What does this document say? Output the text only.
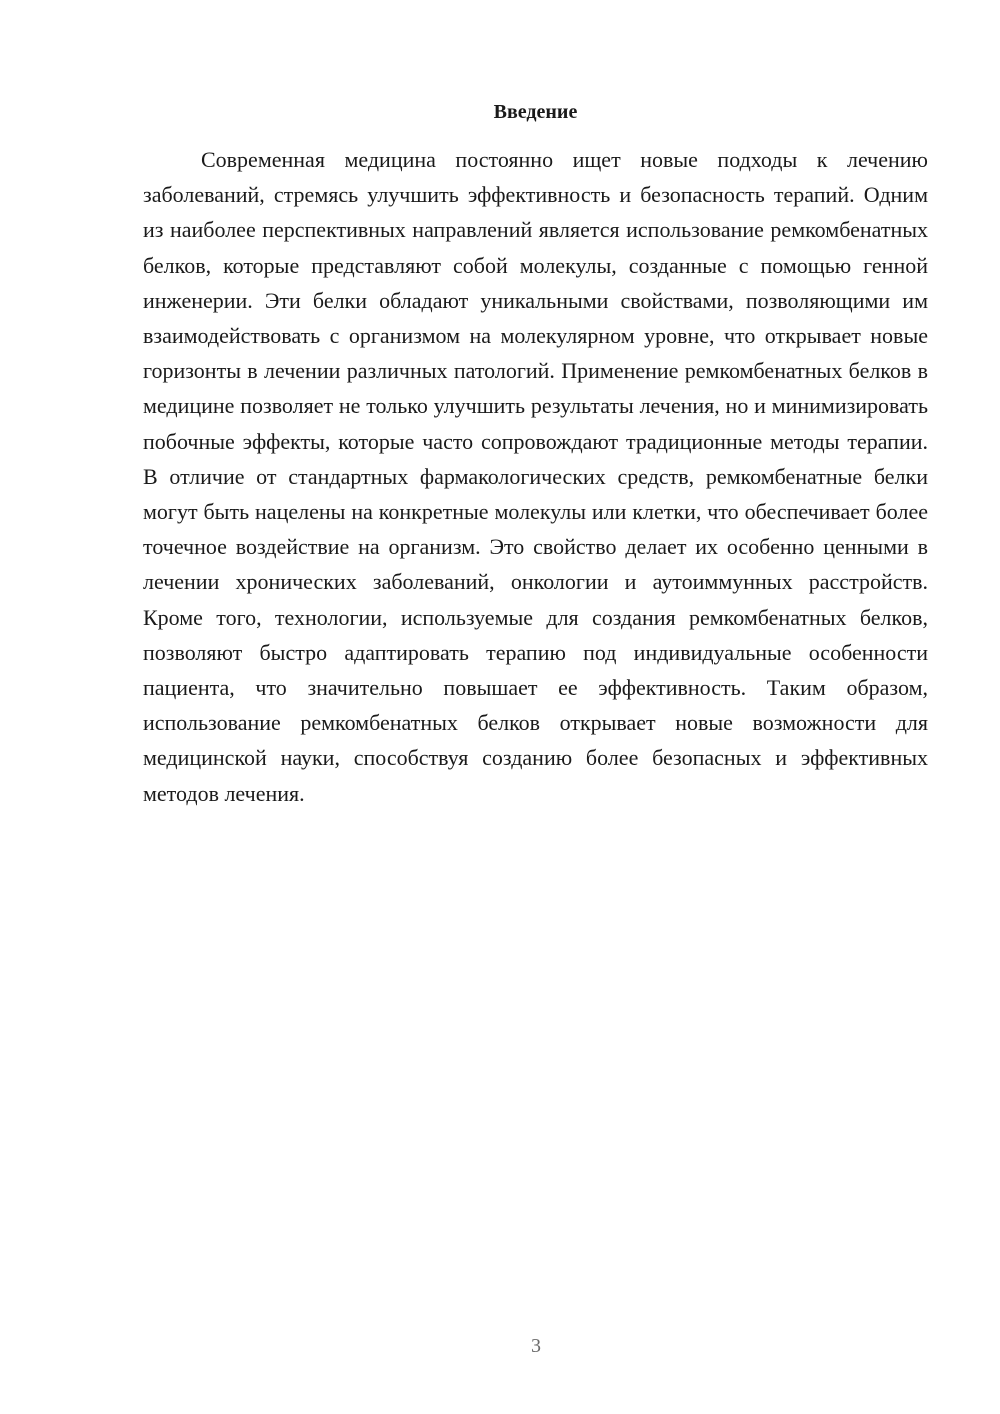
Введение

Современная медицина постоянно ищет новые подходы к лечению заболеваний, стремясь улучшить эффективность и безопасность терапий. Одним из наиболее перспективных направлений является использование ремкомбенатных белков, которые представляют собой молекулы, созданные с помощью генной инженерии. Эти белки обладают уникальными свойствами, позволяющими им взаимодействовать с организмом на молекулярном уровне, что открывает новые горизонты в лечении различных патологий. Применение ремкомбенатных белков в медицине позволяет не только улучшить результаты лечения, но и минимизировать побочные эффекты, которые часто сопровождают традиционные методы терапии. В отличие от стандартных фармакологических средств, ремкомбенатные белки могут быть нацелены на конкретные молекулы или клетки, что обеспечивает более точечное воздействие на организм. Это свойство делает их особенно ценными в лечении хронических заболеваний, онкологии и аутоиммунных расстройств. Кроме того, технологии, используемые для создания ремкомбенатных белков, позволяют быстро адаптировать терапию под индивидуальные особенности пациента, что значительно повышает ее эффективность. Таким образом, использование ремкомбенатных белков открывает новые возможности для медицинской науки, способствуя созданию более безопасных и эффективных методов лечения.

3
